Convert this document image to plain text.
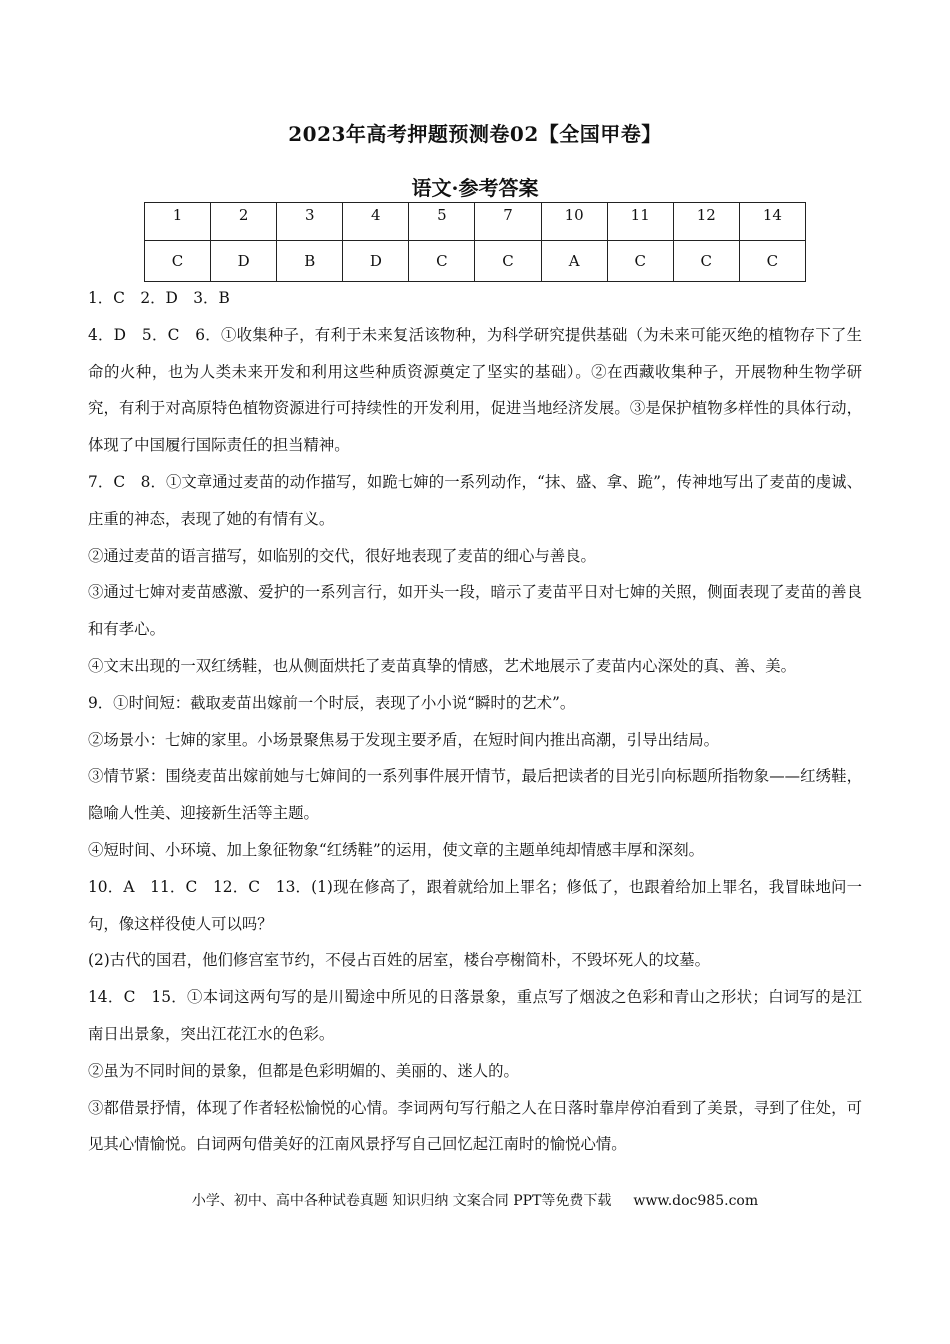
2023年高考押题预测卷02【全国甲卷】
语文·参考答案
1	2	3	4	5	7	10	11	12	14
C	D	B	D	C	C	A	C	C	C

1．C　2．D　3．B

4．D　5．C　6．①收集种子，有利于未来复活该物种，为科学研究提供基础（为未来可能灭绝的植物存下了生命的火种，也为人类未来开发和利用这些种质资源奠定了坚实的基础）。②在西藏收集种子，开展物种生物学研究，有利于对高原特色植物资源进行可持续性的开发利用，促进当地经济发展。③是保护植物多样性的具体行动，体现了中国履行国际责任的担当精神。

7．C　8．①文章通过麦苗的动作描写，如跪七婶的一系列动作，“抹、盛、拿、跪”，传神地写出了麦苗的虔诚、庄重的神态，表现了她的有情有义。

②通过麦苗的语言描写，如临别的交代，很好地表现了麦苗的细心与善良。

③通过七婶对麦苗感激、爱护的一系列言行，如开头一段，暗示了麦苗平日对七婶的关照，侧面表现了麦苗的善良和有孝心。

④文末出现的一双红绣鞋，也从侧面烘托了麦苗真挚的情感，艺术地展示了麦苗内心深处的真、善、美。

9．①时间短：截取麦苗出嫁前一个时辰，表现了小小说“瞬时的艺术”。

②场景小：七婶的家里。小场景聚焦易于发现主要矛盾，在短时间内推出高潮，引导出结局。

③情节紧：围绕麦苗出嫁前她与七婶间的一系列事件展开情节，最后把读者的目光引向标题所指物象——红绣鞋，隐喻人性美、迎接新生活等主题。

④短时间、小环境、加上象征物象“红绣鞋”的运用，使文章的主题单纯却情感丰厚和深刻。

10．A　11．C　12．C　13．(1)现在修高了，跟着就给加上罪名；修低了，也跟着给加上罪名，我冒昧地问一句，像这样役使人可以吗？

(2)古代的国君，他们修宫室节约，不侵占百姓的居室，楼台亭榭简朴，不毁坏死人的坟墓。

14．C　15．①本词这两句写的是川蜀途中所见的日落景象，重点写了烟波之色彩和青山之形状；白词写的是江南日出景象，突出江花江水的色彩。

②虽为不同时间的景象，但都是色彩明媚的、美丽的、迷人的。

③都借景抒情，体现了作者轻松愉悦的心情。李词两句写行船之人在日落时靠岸停泊看到了美景，寻到了住处，可见其心情愉悦。白词两句借美好的江南风景抒写自己回忆起江南时的愉悦心情。

小学、初中、高中各种试卷真题 知识归纳 文案合同 PPT等免费下载 www.doc985.com
